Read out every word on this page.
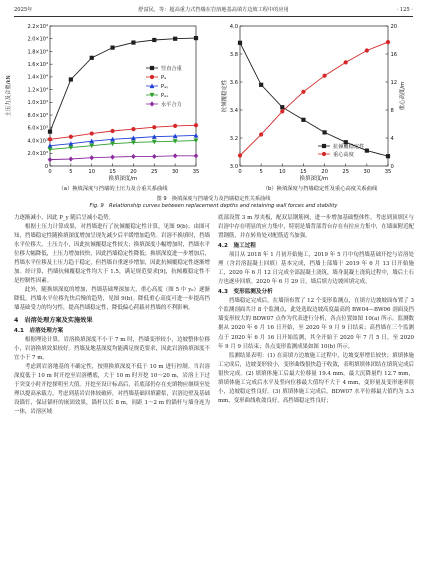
2025年	舒富民，等：超高重力式挡墙在岩溶地基高填方边坡工程中的应用	· 125 ·
0
2.0×10³
4.0×10³
6.0×10³
8.0×10³
1.0×10⁴
1.2×10⁴
1.4×10⁴
1.6×10⁴
1.8×10⁴
2.0×10⁴
2.2×10⁴
0	5	10	15	20	25	30	35
换填深度/m
土压力及合重/kN
竖直合重
Pₐ
Pₐᵧ
Pₐₓ
水平合力
（a）换填深度与挡墙的土压力及合重关系曲线
3.0
3.2
3.4
3.6
3.8
4.0
0
4
8
12
16
20
0	5	10	15	20	25	30	35
换填深度/m
抗倾覆稳定性	重心高度/m
抗倾覆稳定性
重心高度
（b）换填深度与挡墙稳定性及重心高度关系曲线
图 9　换填深度与挡墙受力及挡墙稳定性关系曲线
Fig. 9　Relationship curves between replacement depths and retaining wall forces and stability

力逐渐减小，因此 P_y 随后呈减小趋势。

根据土压力计算成果，对挡墙进行了抗倾覆稳定性计算，见图 9(b)。由图可知，挡墙稳定性随换填深度增加呈现先减少后平缓增加趋势。岩溶不换填时，挡墙水平位移大，土压力小，因此抗倾覆稳定性较大；换填深度小幅增加时，挡墙水平位移大幅降低，土压力增加较快，因此挡墙稳定性降低；换填深度进一步增加后，挡墙水平位移及土压力趋于稳定，但挡墙自重逐步增加，因此抗倾覆稳定性逐渐增加。经计算，挡墙抗倾覆稳定性均大于 1.5，满足规范要求[9]，抗倾覆稳定性不是控制性因素。

此外，随换填深度的增加，挡墙基础埋深加大，重心高度（图 5 中 y₀）逐渐降低，挡墙水平位移先快后慢的趋势，见图 9(b)。降低重心高度可进一步提高挡墙基础受力的均匀性，提高挡墙稳定性，降低偏心荷载对挡墙的不利影响。

4　岩溶处理方案及实施效果
4.1　岩溶处理方案

根据理论计算，岩溶换填深度不小于 7 m 时，挡墙变形较小，边坡整体位移小，岩溶换填效果较好。挡墙及地基深度均能满足规范要求，因此岩溶换填深度不宜小于 7 m。

考虑到岩溶地基的不确定性，按照换填深度不低于 10 m 进行控制。当岩溶深度低于 10 m 时开挖至岩溶槽底，大于 10 m 时开挖 10～20 m，岩溶上下过于突变小时开挖探明至大值。开挖至设计标高后，若底部仍存在充填物应继续至处理以提高承载力，考虑到基岩岩体较破碎，对挡墙基础回填灌浆，岩溶边壁及基础设锚钉，保证锚杆的嵌固效果，锚杆以长 8 m，间距 1～2 m 的锚杆与墙身连为一体，岩溶区域

底部设置 3 m 厚夹板，配双层钢筋网，进一步增加基础整体性。考虑到顶填区与岩溶中存在明显的应力集中，特别是墙背部背台存在有拉应力集中，在墙面附近配置钢筋，并在转角处对配筋适当加强。

4.2　施工过程

项目从 2018 年 1 月初开始施工，2019 年 5 月中旬挡墙基础开挖与岩溶处理（含岩溶混凝土回填）基本完成，挡墙上部墙于 2019 年 6 月 13 日开始施工，2020 年 6 月 12 日完成全部混凝土浇筑，墙身混凝土浇筑过程中，墙后土石方也逐步回填。2020 年 6 月 29 日，墙后填方边坡回填完成。

4.3　变形监测及分析

挡墙稳定完成后，在墙顶布置了 12 个变形监测点，在填方边坡坡面布置了 3 个监测剖面共计 8 个监测点，此处选取边坡高度最高的 BW04—BW06 剖面及挡墙变形较大的 BDW07 点作为代表进行分析，各点位置如图 10(a) 所示。监测数据从 2020 年 6 月 16 日开始，至 2020 年 9 月 9 日结束；高挡墙在三个监测点于 2020 年 6 月 16 日开始监测，其全开始于 2020 年 7 月 5 日，至 2020 年 9 月 9 日结束；各点变形监测成果如图 10(b) 所示。

监测结果表明：(1) 在高填方边坡施工过程中，边坡变形增长较快；填填体施工完成后，边坡变形较小，变形曲线很快趋于收敛，表明填填体团结在填筑完成后很快完成。(2) 填填体施工后最大位移量 19.4 mm，最大沉降量约 12.7 mm，填填体施工完成后水平及竖向位移最大值均不大于 4 mm，变形量及变形速率很小，边坡稳定性良好。(3) 填填体施工完成后，BDW07 水平位移最大值约为 3.3 mm，变形曲线收敛良好，高挡墙稳定性良好；
